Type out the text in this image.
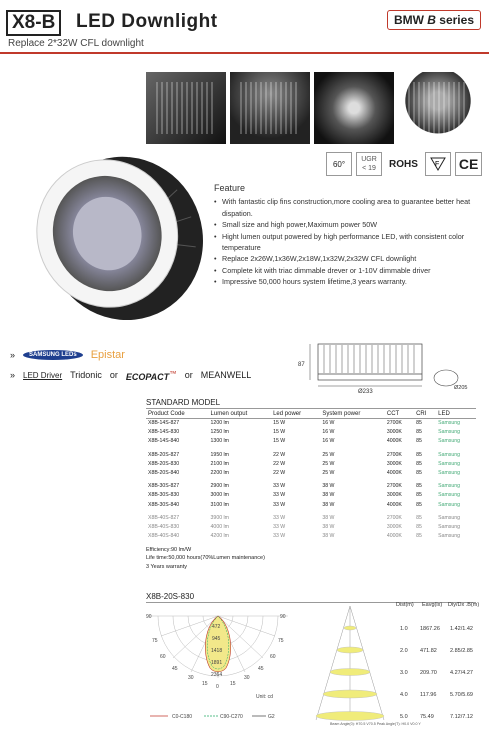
X8-B	LED Downlight	BMW B series
Replace 2*32W CFL downlight
60° UGR
< 19	ROHS	F CE
Feature
• With fantastic clip fins construction,more cooling area to guarantee better heat dispation.
• Small size and high power,Maximum power 50W
• Hight lumen output powered by high performance LED, with consistent color temperature
• Replace 2x26W,1x36W,2x18W,1x32W,2x32W CFL downlight
• Complete kit with triac dimmable drever or 1-10V dimmable driver
• Impressive 50,000 hours system lifetime,3 years warranty.
»	SAMSUNG LEDs	Epistar
» LED Driver Tridonic or ECOPACT™ or MEANWELL
87
Ø233
Ø205
STANDARD MODEL
Product Code	Lumen output	Led power	System power	CCT	CRI	LED
X8B-14S-827	1200 lm	15 W	16 W	2700K	85	Samsung
X8B-14S-830	1250 lm	15 W	16 W	3000K	85	Samsung
X8B-14S-840	1300 lm	15 W	16 W	4000K	85	Samsung

X8B-20S-827	1950 lm	22 W	25 W	2700K	85	Samsung
X8B-20S-830	2100 lm	22 W	25 W	3000K	85	Samsung
X8B-20S-840	2200 lm	22 W	25 W	4000K	85	Samsung

X8B-30S-827	2900 lm	33 W	38 W	2700K	85	Samsung
X8B-30S-830	3000 lm	33 W	38 W	3000K	85	Samsung
X8B-30S-840	3100 lm	33 W	38 W	4000K	85	Samsung

X8B-40S-827	3900 lm	33 W	38 W	2700K	85	Samsung
X8B-40S-830	4000 lm	33 W	38 W	3000K	85	Samsung
X8B-40S-840	4200 lm	33 W	38 W	4000K	85	Samsung
Efficiency:90 lm/W
Life time:50,000 hours(70%Lumen maintenance)
3 Years warranty
X8B-20S-830
472
945
1418
1891
2364
90
75
60
45
30
15 0 15
30
45
60
75
90
Unit: cd
C0-C180	C90-C270	G2
Dist(m) Eavg(lx) Diy/Dx .B(m)
1.0 1867.26 1.42/1.42
2.0 471.82 2.85/2.85
3.0 209.70 4.27/4.27
4.0 117.96 5.70/5.69
5.0 75.49	7.12/7.12
Beam Angle(0): H70.5 V70.5 Peak Angle(T): H0.0 V0.0 Y
